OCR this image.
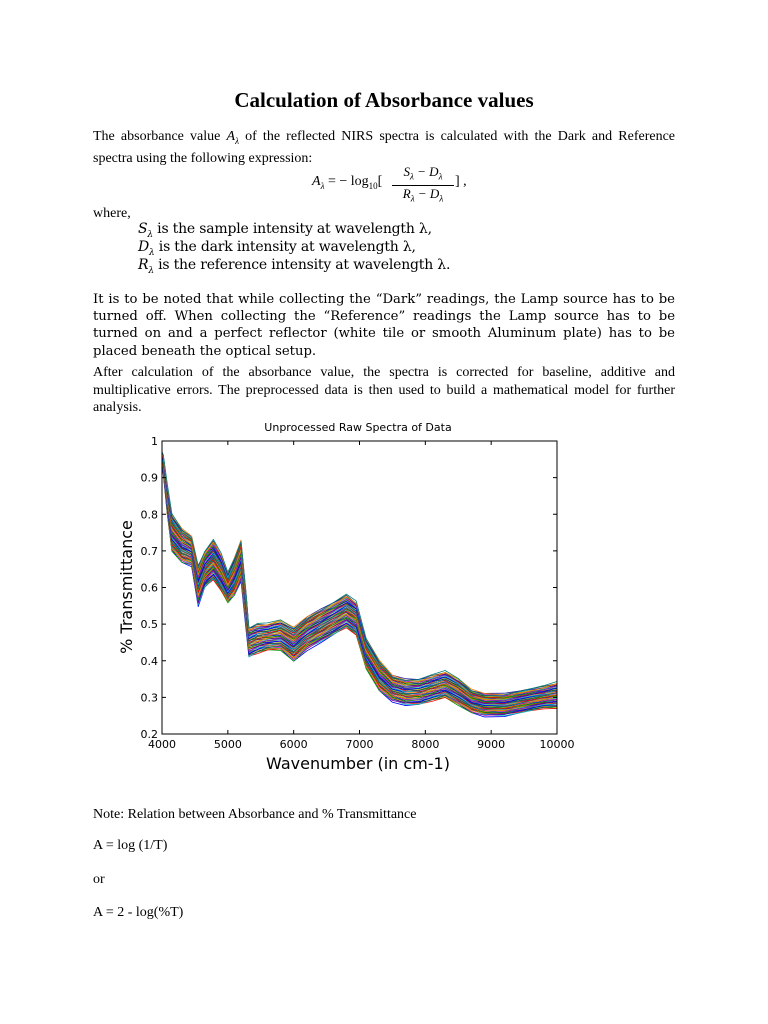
Calculation of Absorbance values
The absorbance value $A_\lambda$ of the reflected NIRS spectra is calculated with the Dark and Reference spectra using the following expression:
$A_\lambda$ = − $\log_{10}[ \frac{S_\lambda - D_\lambda}{R_\lambda - D_\lambda}$ ] ,
where,
$S_\lambda$ is the sample intensity at wavelength λ,
$D_\lambda$ is the dark intensity at wavelength λ,
$R_\lambda$ is the reference intensity at wavelength λ.
It is to be noted that while collecting the “Dark” readings, the Lamp source has to be turned off. When collecting the “Reference” readings the Lamp source has to be turned on and a perfect reflector (white tile or smooth Aluminum plate) has to be placed beneath the optical setup.
After calculation of the absorbance value, the spectra is corrected for baseline, additive and multiplicative errors. The preprocessed data is then used to build a mathematical model for further analysis.
Unprocessed Raw Spectra of Data
4000	5000	6000	7000	8000	9000	10000
0.2
0.3
0.4
0.5
0.6
0.7
0.8
0.9
1
Wavenumber (in cm-1)
% Transmittance
Note: Relation between Absorbance and % Transmittance
A = log (1/T)
or
A = 2 - log(%T)
